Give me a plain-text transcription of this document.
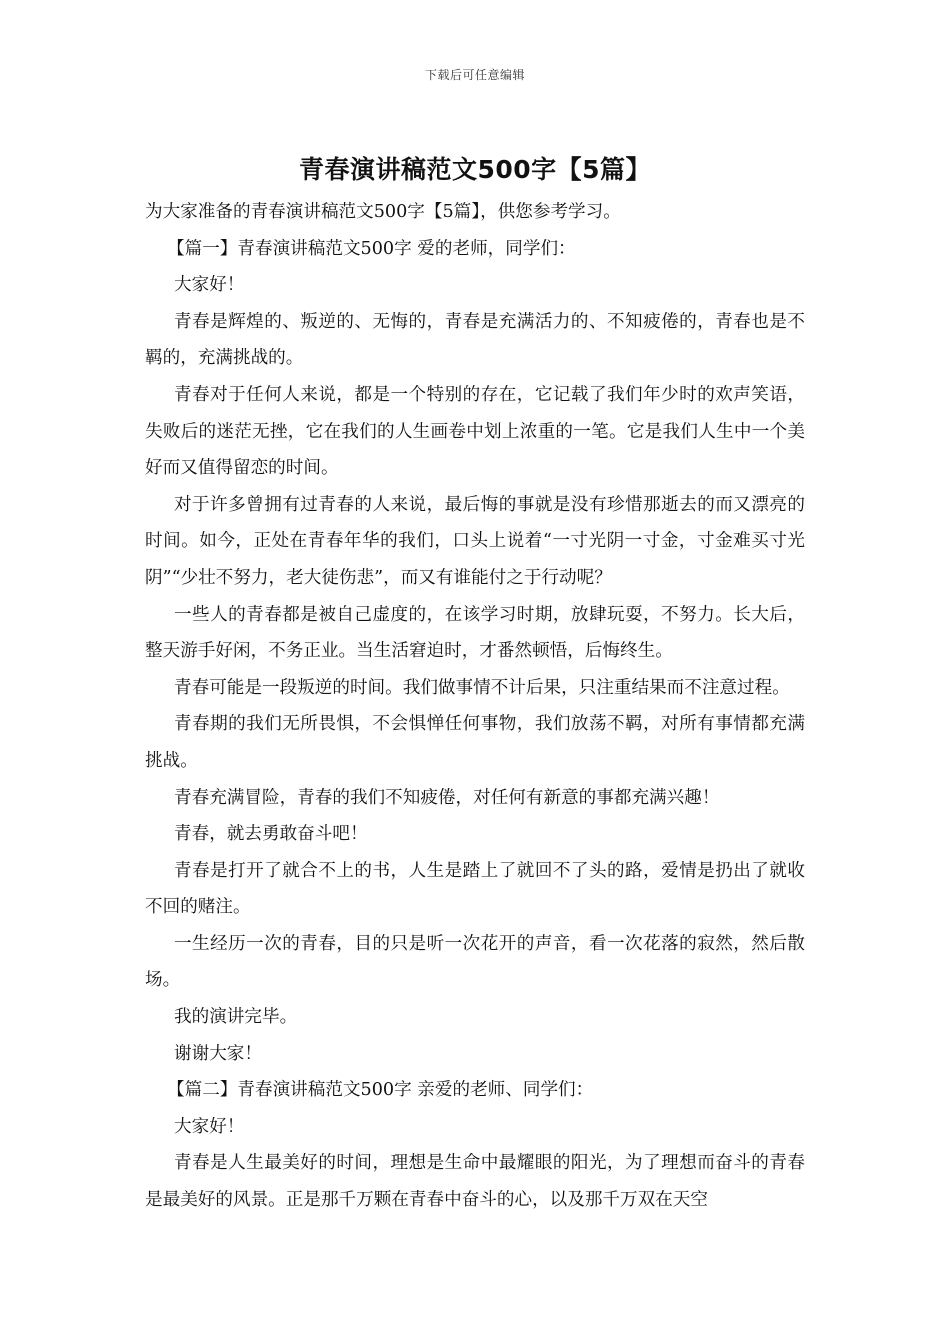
下载后可任意编辑
青春演讲稿范文500字【5篇】

为大家准备的青春演讲稿范文500字【5篇】，供您参考学习。

【篇一】青春演讲稿范文500字 爱的老师，同学们：

大家好！

青春是辉煌的、叛逆的、无悔的，青春是充满活力的、不知疲倦的，青春也是不羁的，充满挑战的。

青春对于任何人来说，都是一个特别的存在，它记载了我们年少时的欢声笑语，失败后的迷茫无挫，它在我们的人生画卷中划上浓重的一笔。它是我们人生中一个美好而又值得留恋的时间。

对于许多曾拥有过青春的人来说，最后悔的事就是没有珍惜那逝去的而又漂亮的时间。如今，正处在青春年华的我们，口头上说着“一寸光阴一寸金，寸金难买寸光阴”“少壮不努力，老大徒伤悲”，而又有谁能付之于行动呢？

一些人的青春都是被自己虚度的，在该学习时期，放肆玩耍，不努力。长大后，整天游手好闲，不务正业。当生活窘迫时，才番然顿悟，后悔终生。

青春可能是一段叛逆的时间。我们做事情不计后果，只注重结果而不注意过程。

青春期的我们无所畏惧，不会惧惮任何事物，我们放荡不羁，对所有事情都充满挑战。

青春充满冒险，青春的我们不知疲倦，对任何有新意的事都充满兴趣！

青春，就去勇敢奋斗吧！

青春是打开了就合不上的书，人生是踏上了就回不了头的路，爱情是扔出了就收不回的赌注。

一生经历一次的青春，目的只是听一次花开的声音，看一次花落的寂然，然后散场。

我的演讲完毕。

谢谢大家！

【篇二】青春演讲稿范文500字 亲爱的老师、同学们：

大家好！

青春是人生最美好的时间，理想是生命中最耀眼的阳光，为了理想而奋斗的青春是最美好的风景。正是那千万颗在青春中奋斗的心，以及那千万双在天空
